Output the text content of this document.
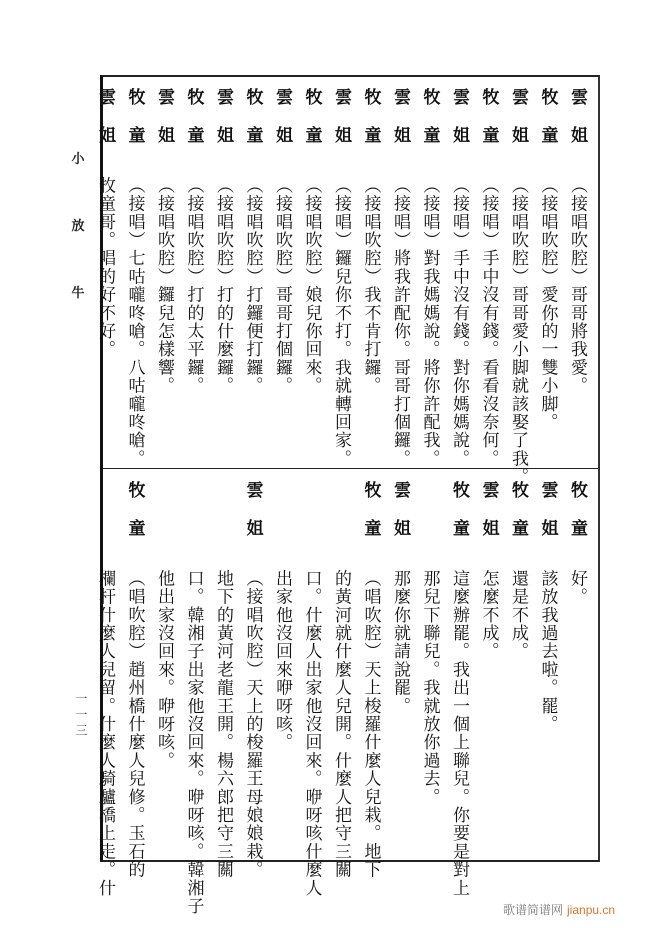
小
放
牛
一一三
雲姐（接唱吹腔）哥哥將我愛。
牧童（接唱吹腔）愛你的一雙小脚。
雲姐（接唱吹腔）哥哥愛小脚就該娶了我。
牧童（接唱）手中沒有錢。看看沒奈何。
雲姐（接唱）手中沒有錢。對你媽媽說。
牧童（接唱）對我媽媽說。將你許配我。
雲姐（接唱）將我許配你。哥哥打個鑼。
牧童（接唱吹腔）我不肯打鑼。
雲姐（接唱）鑼兒你不打。我就轉回家。
牧童（接唱吹腔）娘兒你回來。
雲姐（接唱吹腔）哥哥打個鑼。
牧童（接唱吹腔）打鑼便打鑼。
雲姐（接唱吹腔）打的什麼鑼。
牧童（接唱吹腔）打的太平鑼。
雲姐（接唱吹腔）鑼兒怎樣響。
牧童（接唱）七咕嚨咚嗆。八咕嚨咚嗆。
雲姐牧童哥。唱的好不好。
牧童好。
雲姐該放我過去啦。罷。
牧童還是不成。
雲姐怎麼不成。
牧童這麼辦罷。我出一個上聯兒。你要是對上
那兒下聯兒。我就放你過去。
雲姐那麼你就請說罷。
牧童（唱吹腔）天上梭羅什麼人兒栽。地下
的黃河就什麼人兒開。什麼人把守三關
口。什麼人出家他沒回來。咿呀咳什麼人
出家他沒回來咿呀咳。
雲姐（接唱吹腔）天上的梭羅王母娘娘栽。
地下的黃河老龍王開。楊六郎把守三關
口。韓湘子出家他沒回來。咿呀咳。韓湘子
他出家沒回來。咿呀咳。
牧童（唱吹腔）趙州橋什麼人兒修。玉石的
欄杆什麼人兒留。什麼人騎驢橋上走。什
歌谱简谱网 jianpu.cn
